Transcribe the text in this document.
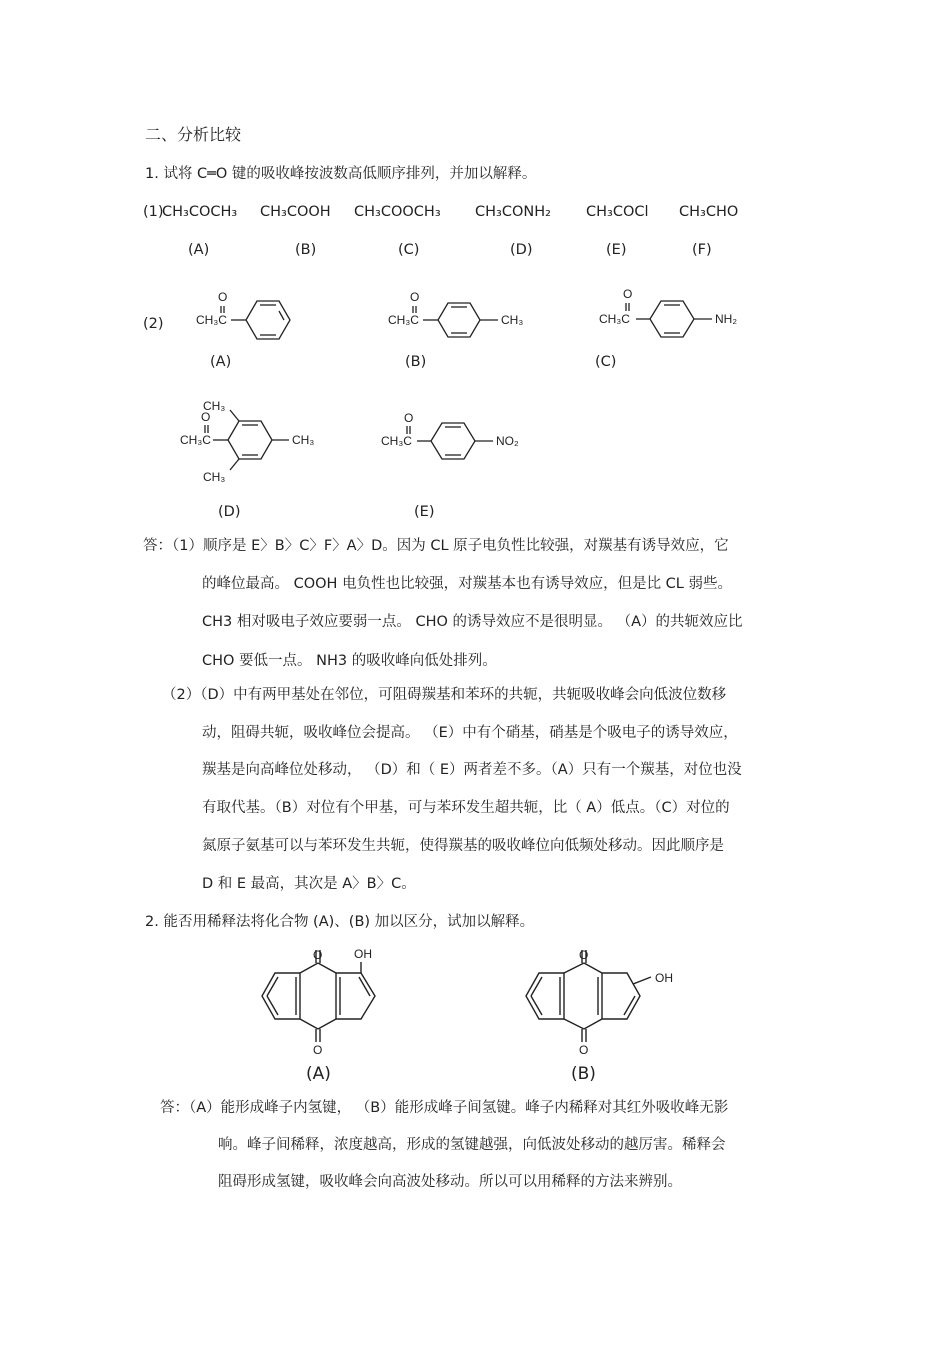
二、分析比较
1. 试将 C═O 键的吸收峰按波数高低顺序排列，并加以解释。
(1)
CH₃COCH₃ CH₃COOH CH₃COOCH₃ CH₃CONH₂ CH₃COCl CH₃CHO
(A)	(B)	(C)	(D)	(E)	(F)
(2)
O
CH₃C
O
CH₃C	CH₃
O
CH₃C	NH₂
CH₃
O
CH₃C	CH₃
CH₃
O
CH₃C	NO₂
(A)	(B)	(C)
(D)	(E)
答：（1）顺序是 E〉B〉C〉F〉A〉D。因为 CL 原子电负性比较强，对羰基有诱导效应，它
的峰位最高。 COOH 电负性也比较强，对羰基本也有诱导效应，但是比 CL 弱些。
CH3 相对吸电子效应要弱一点。 CHO 的诱导效应不是很明显。 （A）的共轭效应比
CHO 要低一点。 NH3 的吸收峰向低处排列。
（2）（D）中有两甲基处在邻位，可阻碍羰基和苯环的共轭，共轭吸收峰会向低波位数移
动，阻碍共轭，吸收峰位会提高。 （E）中有个硝基，硝基是个吸电子的诱导效应，
羰基是向高峰位处移动， （D）和（ E）两者差不多。（A）只有一个羰基，对位也没
有取代基。（B）对位有个甲基，可与苯环发生超共轭，比（ A）低点。（C）对位的
氮原子氨基可以与苯环发生共轭，使得羰基的吸收峰位向低频处移动。因此顺序是
D 和 E 最高，其次是 A〉B〉C。
2. 能否用稀释法将化合物 (A)、(B) 加以区分，试加以解释。
O	OH
O
O
OH
O
(A)	(B)
答：（A）能形成峰子内氢键， （B）能形成峰子间氢键。峰子内稀释对其红外吸收峰无影
响。峰子间稀释，浓度越高，形成的氢键越强，向低波处移动的越厉害。稀释会
阻碍形成氢键，吸收峰会向高波处移动。所以可以用稀释的方法来辨别。
